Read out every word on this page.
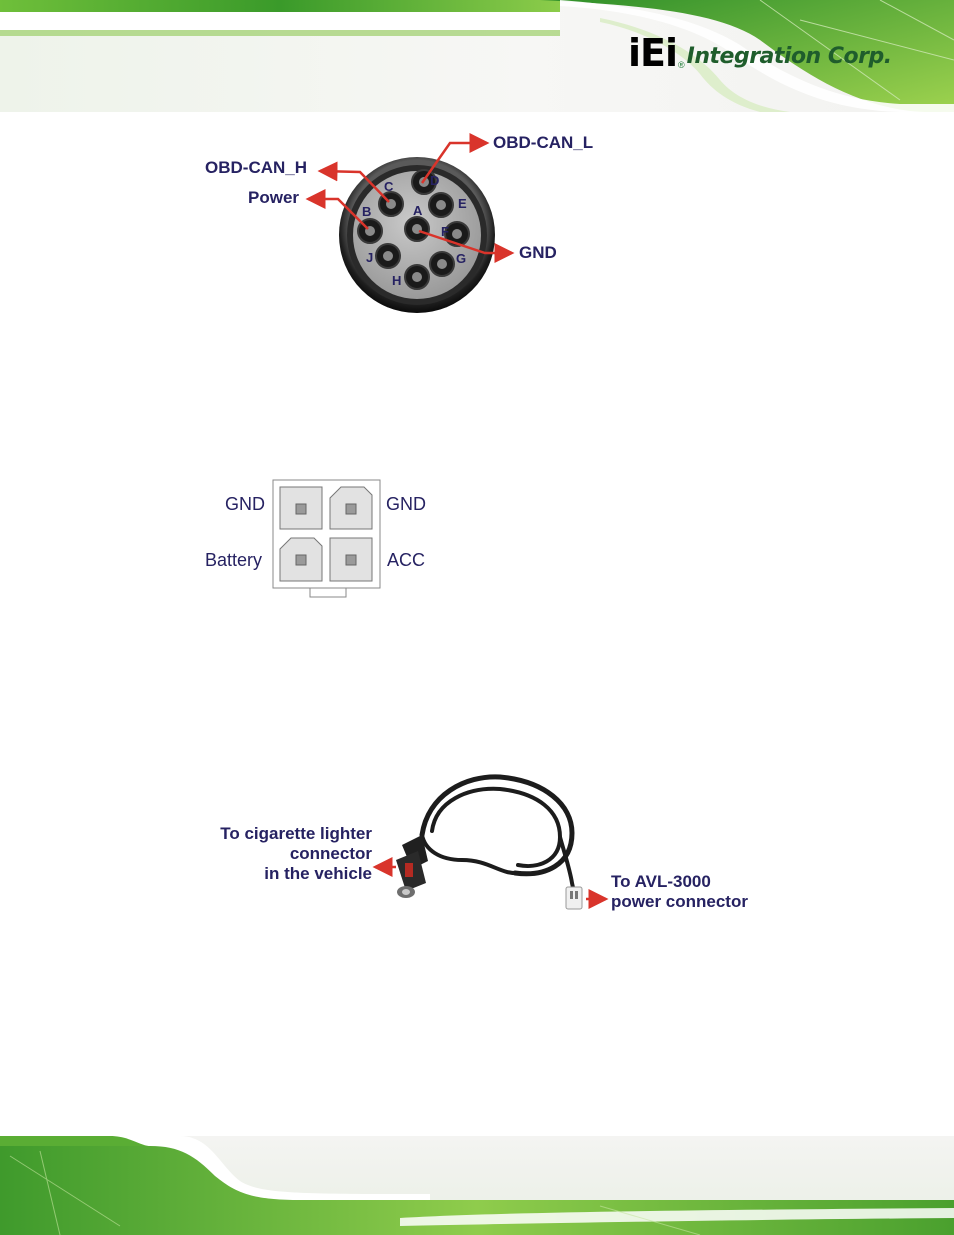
iEi ® Integration Corp.
A
B
C	D
E
F
G
H
J
OBD-CAN_H
Power
OBD-CAN_L
GND
GND	GND
Battery	ACC
To cigarette lighter
connector
in the vehicle	To AVL-3000
power connector
